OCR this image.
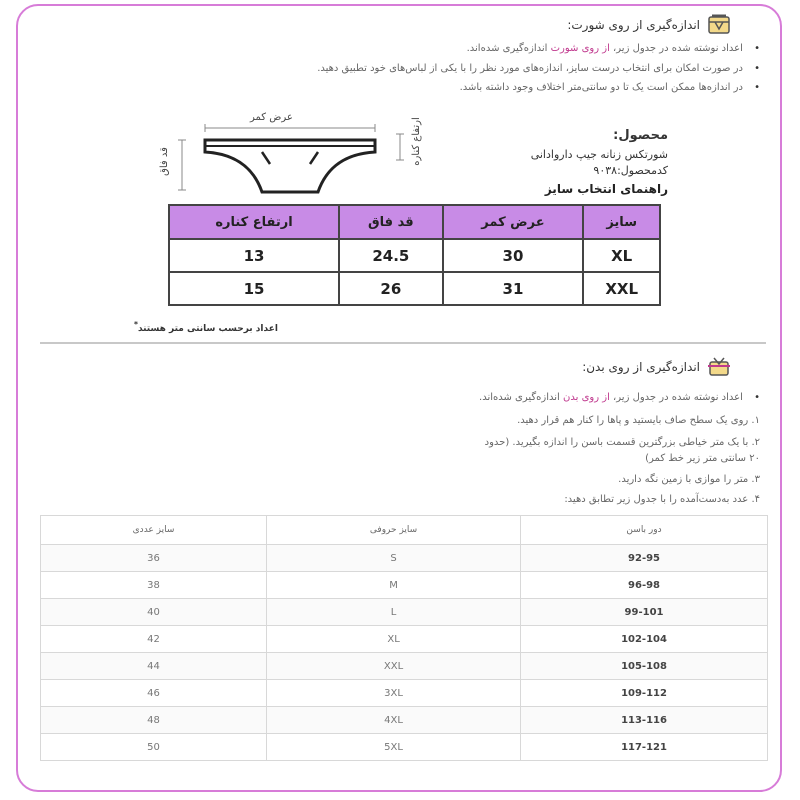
اندازه‌گیری از روی شورت:
• اعداد نوشته شده در جدول زیر، از روی شورت اندازه‌گیری شده‌اند.
• در صورت امکان برای انتخاب درست سایز، اندازه‌های مورد نظر را با یکی از لباس‌های خود تطبیق دهید.
• در اندازه‌ها ممکن است یک تا دو سانتی‌متر اختلاف وجود داشته باشد.
عرض کمر
قد فاق	ارتفاع کناره	محصول:
شورتکس زنانه جیپ داروادانی
کدمحصول:۹۰۳۸
راهنمای انتخاب سایز
سایز	عرض کمر	قد فاق	ارتفاع کناره
XL	30	24.5	13
XXL	31	26	15
اعداد برحسب سانتی متر هستند*
اندازه‌گیری از روی بدن:
• اعداد نوشته شده در جدول زیر، از روی بدن اندازه‌گیری شده‌اند.
۱. روی یک سطح صاف بایستید و پاها را کنار هم قرار دهید.
۲. با یک متر خیاطی بزرگترین قسمت باسن را اندازه بگیرید. (حدود
۲۰ سانتی متر زیر خط کمر)
۳. متر را موازی با زمین نگه دارید.
۴. عدد به‌دست‌آمده را با جدول زیر تطابق دهید:
دور باسن	سایز حروفی	سایز عددی
92-95	S	36
96-98	M	38
99-101	L	40
102-104	XL	42
105-108	XXL	44
109-112	3XL	46
113-116	4XL	48
117-121	5XL	50
